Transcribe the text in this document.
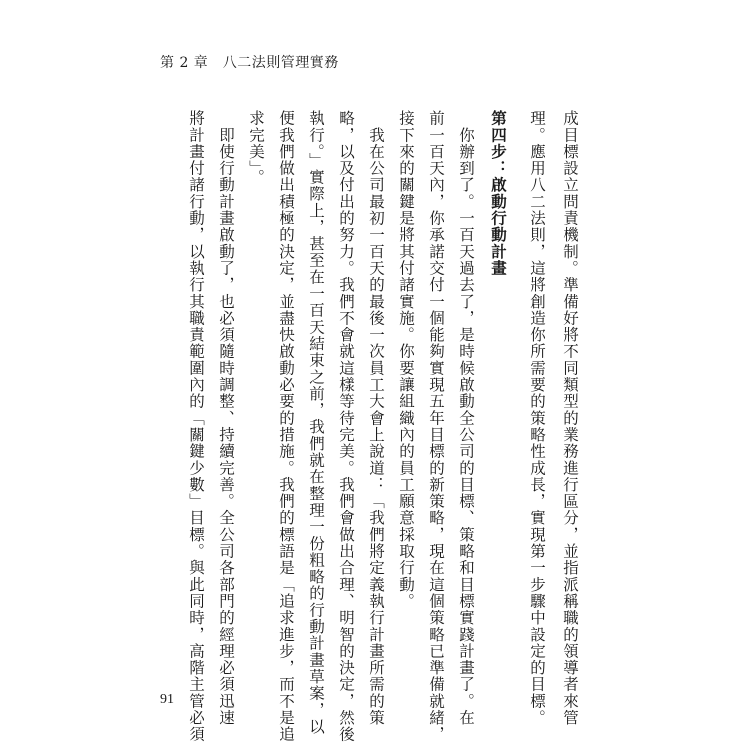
第 2 章　八二法則管理實務
成目標設立問責機制。準備好將不同類型的業務進行區分，並指派稱職的領導者來管
理。應用八二法則，這將創造你所需要的策略性成長，實現第一步驟中設定的目標。
第四步：啟動行動計畫
　你辦到了。一百天過去了，是時候啟動全公司的目標、策略和目標實踐計畫了。在
前一百天內，你承諾交付一個能夠實現五年目標的新策略，現在這個策略已準備就緒，
接下來的關鍵是將其付諸實施。你要讓組織內的員工願意採取行動。
　我在公司最初一百天的最後一次員工大會上說道：「我們將定義執行計畫所需的策
略，以及付出的努力。我們不會就這樣等待完美。我們會做出合理、明智的決定，然後
執行。」實際上，甚至在一百天結束之前，我們就在整理一份粗略的行動計畫草案，以
便我們做出積極的決定，並盡快啟動必要的措施。我們的標語是「追求進步，而不是追
求完美」。
　即使行動計畫啟動了，也必須隨時調整、持續完善。全公司各部門的經理必須迅速
將計畫付諸行動，以執行其職責範圍內的「關鍵少數」目標。與此同時，高階主管必須
91
